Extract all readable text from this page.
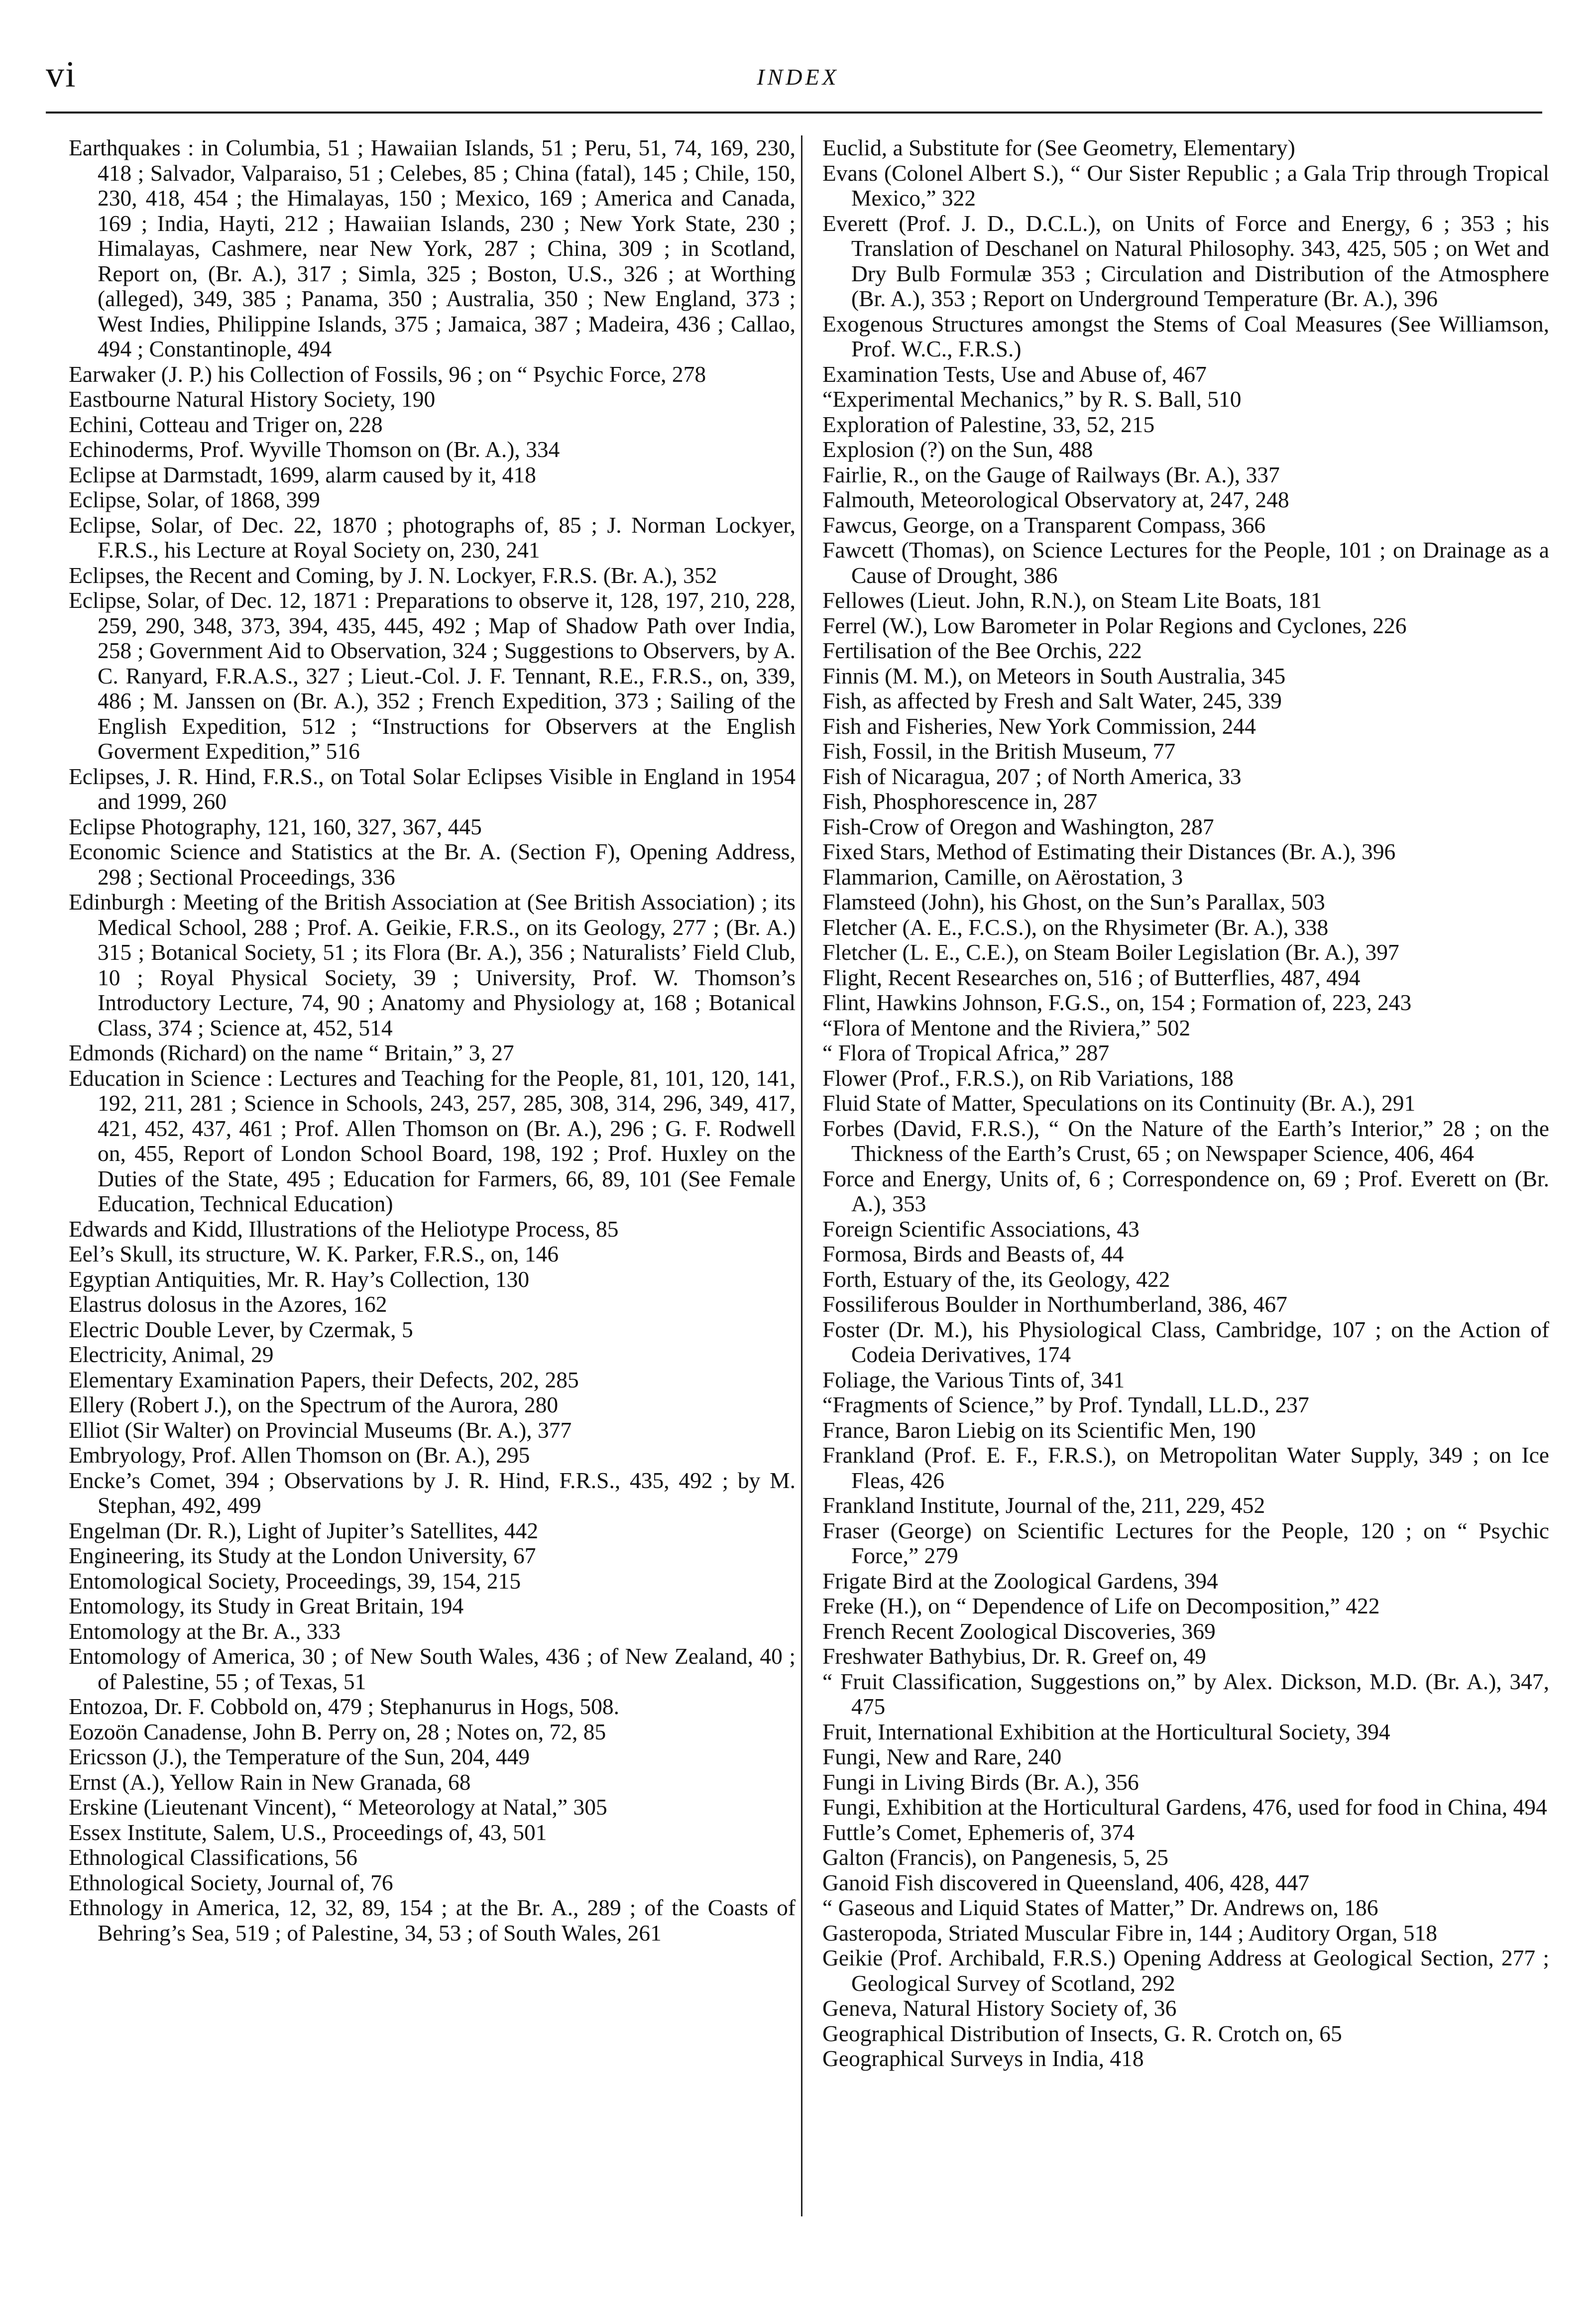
vi	INDEX

Earthquakes : in Columbia, 51 ; Hawaiian Islands, 51 ; Peru, 51, 74, 169, 230, 418 ; Salvador, Valparaiso, 51 ; Celebes, 85 ; China (fatal), 145 ; Chile, 150, 230, 418, 454 ; the Himalayas, 150 ; Mexico, 169 ; America and Canada, 169 ; India, Hayti, 212 ; Hawaiian Islands, 230 ; New York State, 230 ; Himalayas, Cashmere, near New York, 287 ; China, 309 ; in Scotland, Report on, (Br. A.), 317 ; Simla, 325 ; Boston, U.S., 326 ; at Worthing (alleged), 349, 385 ; Panama, 350 ; Australia, 350 ; New England, 373 ; West Indies, Philippine Islands, 375 ; Jamaica, 387 ; Madeira, 436 ; Callao, 494 ; Constantinople, 494

Earwaker (J. P.) his Collection of Fossils, 96 ; on “ Psychic Force, 278

Eastbourne Natural History Society, 190

Echini, Cotteau and Triger on, 228

Echinoderms, Prof. Wyville Thomson on (Br. A.), 334

Eclipse at Darmstadt, 1699, alarm caused by it, 418

Eclipse, Solar, of 1868, 399

Eclipse, Solar, of Dec. 22, 1870 ; photographs of, 85 ; J. Norman Lockyer, F.R.S., his Lecture at Royal Society on, 230, 241

Eclipses, the Recent and Coming, by J. N. Lockyer, F.R.S. (Br. A.), 352

Eclipse, Solar, of Dec. 12, 1871 : Preparations to observe it, 128, 197, 210, 228, 259, 290, 348, 373, 394, 435, 445, 492 ; Map of Shadow Path over India, 258 ; Government Aid to Observation, 324 ; Suggestions to Observers, by A. C. Ranyard, F.R.A.S., 327 ; Lieut.-Col. J. F. Tennant, R.E., F.R.S., on, 339, 486 ; M. Janssen on (Br. A.), 352 ; French Expedition, 373 ; Sailing of the English Expedition, 512 ; “Instructions for Observers at the English Goverment Expedition,” 516

Eclipses, J. R. Hind, F.R.S., on Total Solar Eclipses Visible in England in 1954 and 1999, 260

Eclipse Photography, 121, 160, 327, 367, 445

Economic Science and Statistics at the Br. A. (Section F), Opening Address, 298 ; Sectional Proceedings, 336

Edinburgh : Meeting of the British Association at (See British Association) ; its Medical School, 288 ; Prof. A. Geikie, F.R.S., on its Geology, 277 ; (Br. A.) 315 ; Botanical Society, 51 ; its Flora (Br. A.), 356 ; Naturalists’ Field Club, 10 ; Royal Physical Society, 39 ; University, Prof. W. Thomson’s Introductory Lecture, 74, 90 ; Anatomy and Physiology at, 168 ; Botanical Class, 374 ; Science at, 452, 514

Edmonds (Richard) on the name “ Britain,” 3, 27

Education in Science : Lectures and Teaching for the People, 81, 101, 120, 141, 192, 211, 281 ; Science in Schools, 243, 257, 285, 308, 314, 296, 349, 417, 421, 452, 437, 461 ; Prof. Allen Thomson on (Br. A.), 296 ; G. F. Rodwell on, 455, Report of London School Board, 198, 192 ; Prof. Huxley on the Duties of the State, 495 ; Education for Farmers, 66, 89, 101 (See Female Education, Technical Education)

Edwards and Kidd, Illustrations of the Heliotype Process, 85

Eel’s Skull, its structure, W. K. Parker, F.R.S., on, 146

Egyptian Antiquities, Mr. R. Hay’s Collection, 130

Elastrus dolosus in the Azores, 162

Electric Double Lever, by Czermak, 5

Electricity, Animal, 29

Elementary Examination Papers, their Defects, 202, 285

Ellery (Robert J.), on the Spectrum of the Aurora, 280

Elliot (Sir Walter) on Provincial Museums (Br. A.), 377

Embryology, Prof. Allen Thomson on (Br. A.), 295

Encke’s Comet, 394 ; Observations by J. R. Hind, F.R.S., 435, 492 ; by M. Stephan, 492, 499

Engelman (Dr. R.), Light of Jupiter’s Satellites, 442

Engineering, its Study at the London University, 67

Entomological Society, Proceedings, 39, 154, 215

Entomology, its Study in Great Britain, 194

Entomology at the Br. A., 333

Entomology of America, 30 ; of New South Wales, 436 ; of New Zealand, 40 ; of Palestine, 55 ; of Texas, 51

Entozoa, Dr. F. Cobbold on, 479 ; Stephanurus in Hogs, 508.

Eozoön Canadense, John B. Perry on, 28 ; Notes on, 72, 85

Ericsson (J.), the Temperature of the Sun, 204, 449

Ernst (A.), Yellow Rain in New Granada, 68

Erskine (Lieutenant Vincent), “ Meteorology at Natal,” 305

Essex Institute, Salem, U.S., Proceedings of, 43, 501

Ethnological Classifications, 56

Ethnological Society, Journal of, 76

Ethnology in America, 12, 32, 89, 154 ; at the Br. A., 289 ; of the Coasts of Behring’s Sea, 519 ; of Palestine, 34, 53 ; of South Wales, 261

Euclid, a Substitute for (See Geometry, Elementary)

Evans (Colonel Albert S.), “ Our Sister Republic ; a Gala Trip through Tropical Mexico,” 322

Everett (Prof. J. D., D.C.L.), on Units of Force and Energy, 6 ; 353 ; his Translation of Deschanel on Natural Philosophy. 343, 425, 505 ; on Wet and Dry Bulb Formulæ 353 ; Circulation and Distribution of the Atmosphere (Br. A.), 353 ; Report on Underground Temperature (Br. A.), 396

Exogenous Structures amongst the Stems of Coal Measures (See Williamson, Prof. W.C., F.R.S.)

Examination Tests, Use and Abuse of, 467

“Experimental Mechanics,” by R. S. Ball, 510

Exploration of Palestine, 33, 52, 215

Explosion (?) on the Sun, 488

Fairlie, R., on the Gauge of Railways (Br. A.), 337

Falmouth, Meteorological Observatory at, 247, 248

Fawcus, George, on a Transparent Compass, 366

Fawcett (Thomas), on Science Lectures for the People, 101 ; on Drainage as a Cause of Drought, 386

Fellowes (Lieut. John, R.N.), on Steam Lite Boats, 181

Ferrel (W.), Low Barometer in Polar Regions and Cyclones, 226

Fertilisation of the Bee Orchis, 222

Finnis (M. M.), on Meteors in South Australia, 345

Fish, as affected by Fresh and Salt Water, 245, 339

Fish and Fisheries, New York Commission, 244

Fish, Fossil, in the British Museum, 77

Fish of Nicaragua, 207 ; of North America, 33

Fish, Phosphorescence in, 287

Fish-Crow of Oregon and Washington, 287

Fixed Stars, Method of Estimating their Distances (Br. A.), 396

Flammarion, Camille, on Aërostation, 3

Flamsteed (John), his Ghost, on the Sun’s Parallax, 503

Fletcher (A. E., F.C.S.), on the Rhysimeter (Br. A.), 338

Fletcher (L. E., C.E.), on Steam Boiler Legislation (Br. A.), 397

Flight, Recent Researches on, 516 ; of Butterflies, 487, 494

Flint, Hawkins Johnson, F.G.S., on, 154 ; Formation of, 223, 243

“Flora of Mentone and the Riviera,” 502

“ Flora of Tropical Africa,” 287

Flower (Prof., F.R.S.), on Rib Variations, 188

Fluid State of Matter, Speculations on its Continuity (Br. A.), 291

Forbes (David, F.R.S.), “ On the Nature of the Earth’s Interior,” 28 ; on the Thickness of the Earth’s Crust, 65 ; on Newspaper Science, 406, 464

Force and Energy, Units of, 6 ; Correspondence on, 69 ; Prof. Everett on (Br. A.), 353

Foreign Scientific Associations, 43

Formosa, Birds and Beasts of, 44

Forth, Estuary of the, its Geology, 422

Fossiliferous Boulder in Northumberland, 386, 467

Foster (Dr. M.), his Physiological Class, Cambridge, 107 ; on the Action of Codeia Derivatives, 174

Foliage, the Various Tints of, 341

“Fragments of Science,” by Prof. Tyndall, LL.D., 237

France, Baron Liebig on its Scientific Men, 190

Frankland (Prof. E. F., F.R.S.), on Metropolitan Water Supply, 349 ; on Ice Fleas, 426

Frankland Institute, Journal of the, 211, 229, 452

Fraser (George) on Scientific Lectures for the People, 120 ; on “ Psychic Force,” 279

Frigate Bird at the Zoological Gardens, 394

Freke (H.), on “ Dependence of Life on Decomposition,” 422

French Recent Zoological Discoveries, 369

Freshwater Bathybius, Dr. R. Greef on, 49

“ Fruit Classification, Suggestions on,” by Alex. Dickson, M.D. (Br. A.), 347, 475

Fruit, International Exhibition at the Horticultural Society, 394

Fungi, New and Rare, 240

Fungi in Living Birds (Br. A.), 356

Fungi, Exhibition at the Horticultural Gardens, 476, used for food in China, 494

Futtle’s Comet, Ephemeris of, 374

Galton (Francis), on Pangenesis, 5, 25

Ganoid Fish discovered in Queensland, 406, 428, 447

“ Gaseous and Liquid States of Matter,” Dr. Andrews on, 186

Gasteropoda, Striated Muscular Fibre in, 144 ; Auditory Organ, 518

Geikie (Prof. Archibald, F.R.S.) Opening Address at Geological Section, 277 ; Geological Survey of Scotland, 292

Geneva, Natural History Society of, 36

Geographical Distribution of Insects, G. R. Crotch on, 65

Geographical Surveys in India, 418
